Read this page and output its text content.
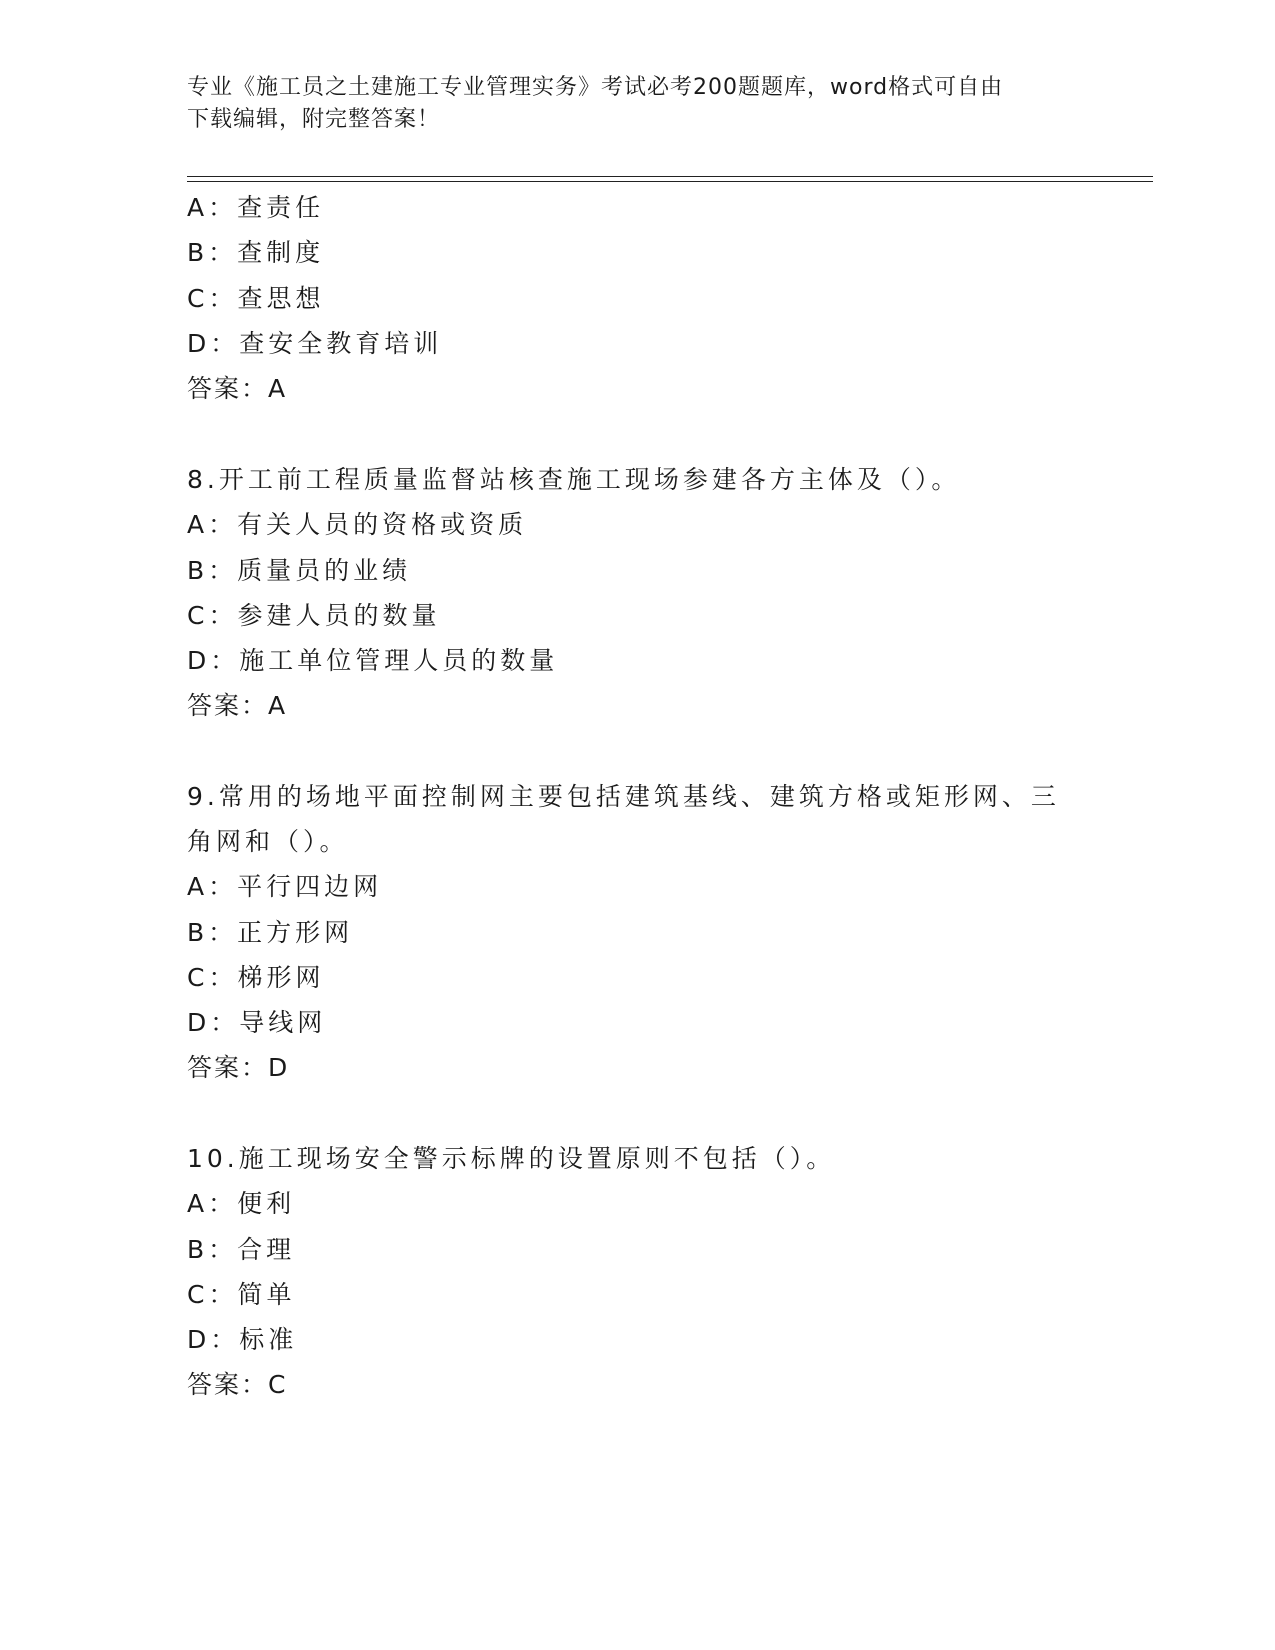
专业《施工员之土建施工专业管理实务》考试必考200题题库，word格式可自由
下载编辑，附完整答案！
A：查责任
B：查制度
C：查思想
D：查安全教育培训
答案：A
8.开工前工程质量监督站核查施工现场参建各方主体及（）。
A：有关人员的资格或资质
B：质量员的业绩
C：参建人员的数量
D：施工单位管理人员的数量
答案：A
9.常用的场地平面控制网主要包括建筑基线、建筑方格或矩形网、三
角网和（）。
A：平行四边网
B：正方形网
C：梯形网
D：导线网
答案：D
10.施工现场安全警示标牌的设置原则不包括（）。
A：便利
B：合理
C：简单
D：标准
答案：C
